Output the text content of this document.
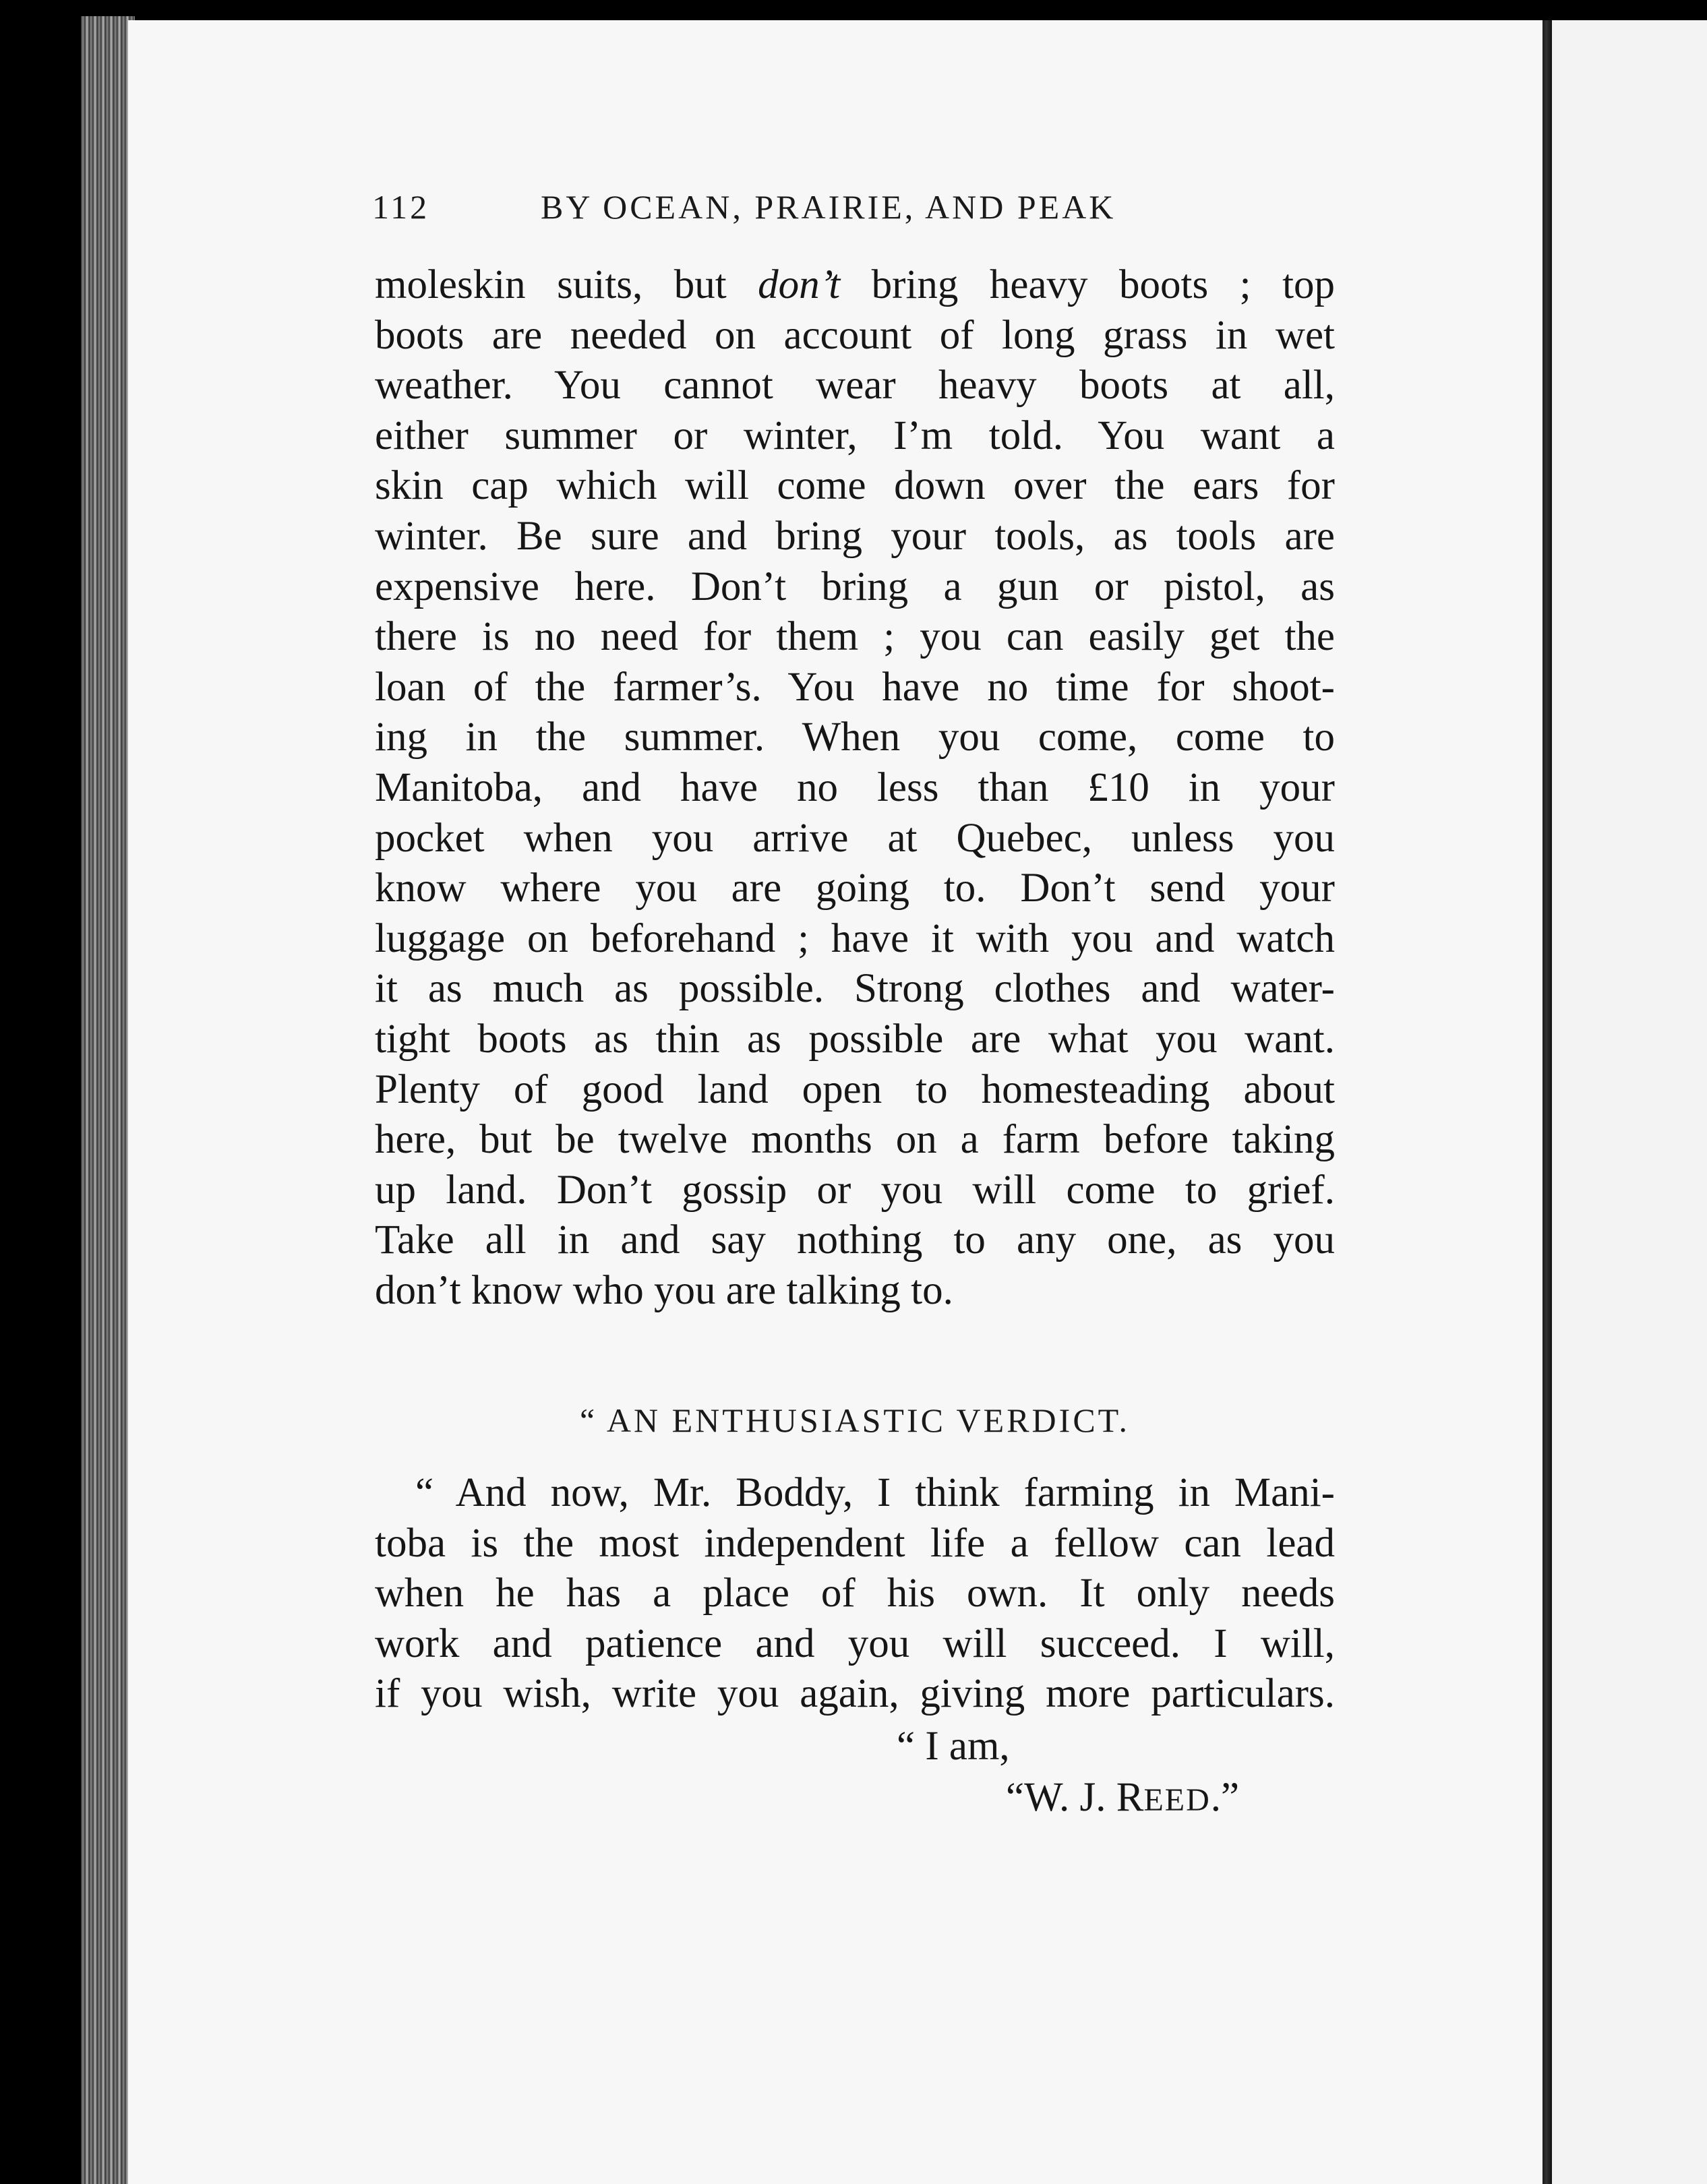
112	BY OCEAN, PRAIRIE, AND PEAK
moleskin suits, but don’t bring heavy boots ; top
boots are needed on account of long grass in wet
weather. You cannot wear heavy boots at all,
either summer or winter, I’m told. You want a
skin cap which will come down over the ears for
winter. Be sure and bring your tools, as tools are
expensive here. Don’t bring a gun or pistol, as
there is no need for them ; you can easily get the
loan of the farmer’s. You have no time for shoot-
ing in the summer. When you come, come to
Manitoba, and have no less than £10 in your
pocket when you arrive at Quebec, unless you
know where you are going to. Don’t send your
luggage on beforehand ; have it with you and watch
it as much as possible. Strong clothes and water-
tight boots as thin as possible are what you want.
Plenty of good land open to homesteading about
here, but be twelve months on a farm before taking
up land. Don’t gossip or you will come to grief.
Take all in and say nothing to any one, as you
don’t know who you are talking to.
“ AN ENTHUSIASTIC VERDICT.
“ And now, Mr. Boddy, I think farming in Mani-
toba is the most independent life a fellow can lead
when he has a place of his own. It only needs
work and patience and you will succeed. I will,
if you wish, write you again, giving more particulars.
“ I am,
“W. J. REED.”
